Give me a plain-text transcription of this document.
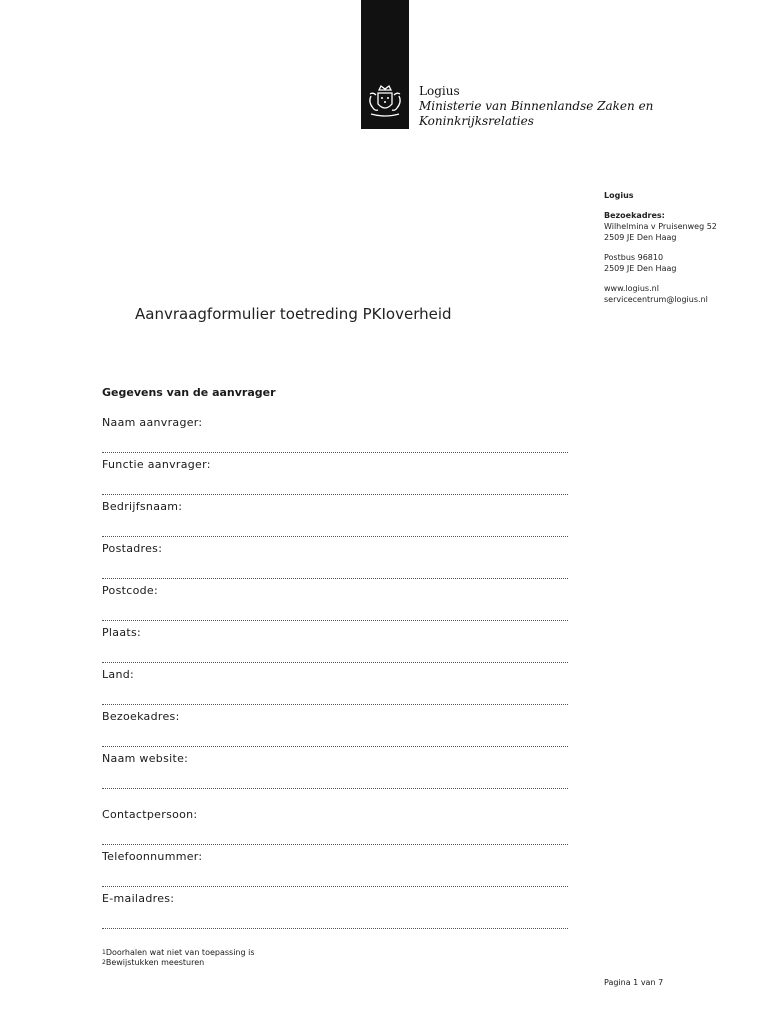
Logius
Ministerie van Binnenlandse Zaken en
Koninkrijksrelaties
Logius
Bezoekadres:
Wilhelmina v Pruisenweg 52
2509 JE Den Haag
Postbus 96810
2509 JE Den Haag
www.logius.nl
servicecentrum@logius.nl
Aanvraagformulier toetreding PKIoverheid
Gegevens van de aanvrager
Naam aanvrager:
Functie aanvrager:
Bedrijfsnaam:
Postadres:
Postcode:
Plaats:
Land:
Bezoekadres:
Naam website:
Contactpersoon:
Telefoonnummer:
E-mailadres:
$^1$Doorhalen wat niet van toepassing is
$^2$Bewijstukken meesturen
Pagina 1 van 7
